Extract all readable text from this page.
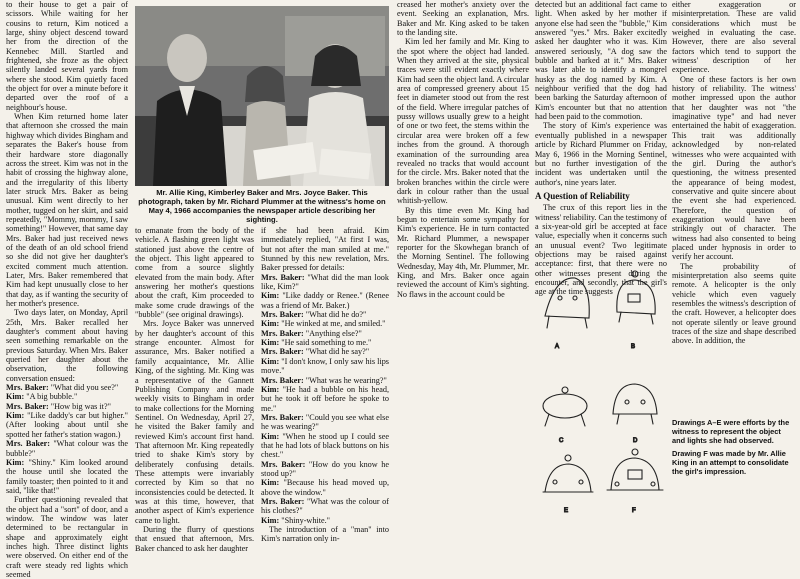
to their house to get a pair of scissors. While waiting for her cousins to return, Kim noticed a large, shiny object descend toward her from the direction of the Kennebec Mill. Startled and frightened, she froze as the object silently landed several yards from where she stood. Kim quietly faced the object for over a minute before it departed over the roof of a neighbour's house.

When Kim returned home later that afternoon she crossed the main highway which divides Bingham and separates the Baker's house from their hardware store diagonally across the street. Kim was not in the habit of crossing the highway alone, and the irregularity of this liberty later struck Mrs. Baker as being unusual. Kim went directly to her mother, tugged on her skirt, and said repeatedly, "Mommy, mommy, I saw something!" However, that same day Mrs. Baker had just received news of the death of an old school friend so she did not give her daughter's excited comment much attention. Later, Mrs. Baker remembered that Kim had kept unusually close to her that day, as if wanting the security of her mother's presence.

Two days later, on Monday, April 25th, Mrs. Baker recalled her daughter's comment about having seen something remarkable on the previous Saturday. When Mrs. Baker queried her daughter about the observation, the following conversation ensued:

Mrs. Baker: "What did you see?"

Kim: "A big bubble."

Mrs. Baker: "How big was it?"

Kim: "Like daddy's car but higher." (After looking about until she spotted her father's station wagon.)

Mrs. Baker: "What colour was the bubble?"

Kim: "Shiny." Kim looked around the house until she located the family toaster; then pointed to it and said, "like that!"

Further questioning revealed that the object had a "sort" of door, and a window. The window was later determined to be rectangular in shape and approximately eight inches high. Three distinct lights were observed. On either end of the craft were steady red lights which seemed

Mr. Allie King, Kimberley Baker and Mrs. Joyce Baker. This photograph, taken by Mr. Richard Plummer at the witness's home on May 4, 1966 accompanies the newspaper article describing her sighting.

to emanate from the body of the vehicle. A flashing green light was stationed just above the centre of the object. This light appeared to come from a source slightly elevated from the main body. After answering her mother's questions about the craft, Kim proceeded to make some crude drawings of the "bubble" (see original drawings).

Mrs. Joyce Baker was unnerved by her daughter's account of this strange encounter. Almost for assurance, Mrs. Baker notified a family acquaintance, Mr. Allie King, of the sighting. Mr. King was a representative of the Gannett Publishing Company and made weekly visits to Bingham in order to make collections for the Morning Sentinel. On Wednesday, April 27, he visited the Baker family and reviewed Kim's account first hand. That afternoon Mr. King repeatedly tried to shake Kim's story by deliberately confusing details. These attempts were invariably corrected by Kim so that no inconsistencies could be detected. It was at this time, however, that another aspect of Kim's experience came to light.

During the flurry of questions that ensued that afternoon, Mrs. Baker chanced to ask her daughter

if she had been afraid. Kim immediately replied, "At first I was, but not after the man smiled at me." Stunned by this new revelation, Mrs. Baker pressed for details:

Mrs. Baker: "What did the man look like, Kim?"

Kim: "Like daddy or Renee." (Renee was a friend of Mr. Baker.)

Mrs. Baker: "What did he do?"

Kim: "He winked at me, and smiled."

Mrs. Baker: "Anything else?"

Kim: "He said something to me."

Mrs. Baker: "What did he say?"

Kim: "I don't know, I only saw his lips move."

Mrs. Baker: "What was he wearing?"

Kim: "He had a bubble on his head, but he took it off before he spoke to me."

Mrs. Baker: "Could you see what else he was wearing?"

Kim: "When he stood up I could see that he had lots of black buttons on his chest."

Mrs. Baker: "How do you know he stood up?"

Kim: "Because his head moved up, above the window."

Mrs. Baker: "What was the colour of his clothes?"

Kim: "Shiny-white."

The introduction of a "man" into Kim's narration only in-

creased her mother's anxiety over the event. Seeking an explanation, Mrs. Baker and Mr. King asked to be taken to the landing site.

Kim led her family and Mr. King to the spot where the object had landed. When they arrived at the site, physical traces were still evident exactly where Kim had seen the object land. A circular area of compressed greenery about 15 feet in diameter stood out from the rest of the field. Where irregular patches of pussy willows usually grew to a height of one or two feet, the stems within the circular area were broken off a few inches from the ground. A thorough examination of the surrounding area revealed no tracks that would account for the circle. Mrs. Baker noted that the broken branches within the circle were dark in colour rather than the usual whitish-yellow.

By this time even Mr. King had begun to entertain some sympathy for Kim's experience. He in turn contacted Mr. Richard Plummer, a newspaper reporter for the Skowhegan branch of the Morning Sentinel. The following Wednesday, May 4th, Mr. Plummer, Mr. King, and Mrs. Baker once again reviewed the account of Kim's sighting. No flaws in the account could be

detected but an additional fact came to light. When asked by her mother if anyone else had seen the "bubble," Kim answered "yes." Mrs. Baker excitedly asked her daughter who it was. Kim answered seriously, "A dog saw the bubble and barked at it." Mrs. Baker was later able to identify a mongrel husky as the dog named by Kim. A neighbour verified that the dog had been barking the Saturday afternoon of Kim's encounter but that no attention had been paid to the commotion.

The story of Kim's experience was eventually published in a newspaper article by Richard Plummer on Friday, May 6, 1966 in the Morning Sentinel, but no further investigation of the incident was undertaken until the author's, nine years later.

A Question of Reliability

The crux of this report lies in the witness' reliability. Can the testimony of a six-year-old girl be accepted at face value, especially when it concerns such an unusual event? Two legitimate objections may be raised against acceptance: first, that there were no other witnesses present during the encounter, and secondly, that the girl's age at the time suggests

A	B
C	D
E	F

either exaggeration or misinterpretation. These are valid considerations which must be weighed in evaluating the case. However, there are also several factors which tend to support the witness' description of her experience.

One of these factors is her own history of reliability. The witness' mother impressed upon the author that her daughter was not "the imaginative type" and had never entertained the habit of exaggeration. This trait was additionally acknowledged by non-related witnesses who were acquainted with the girl. During the author's questioning, the witness presented the appearance of being modest, conservative and quite sincere about the event she had experienced. Therefore, the question of exaggeration would have been strikingly out of character. The witness had also consented to being placed under hypnosis in order to verify her account.

The probability of misinterpretation also seems quite remote. A helicopter is the only vehicle which even vaguely resembles the witness's description of the craft. However, a helicopter does not operate silently or leave ground traces of the size and shape described above. In addition, the

Drawings A–E were efforts by the witness to represent the object and lights she had observed.

Drawing F was made by Mr. Allie King in an attempt to consolidate the girl's impression.
